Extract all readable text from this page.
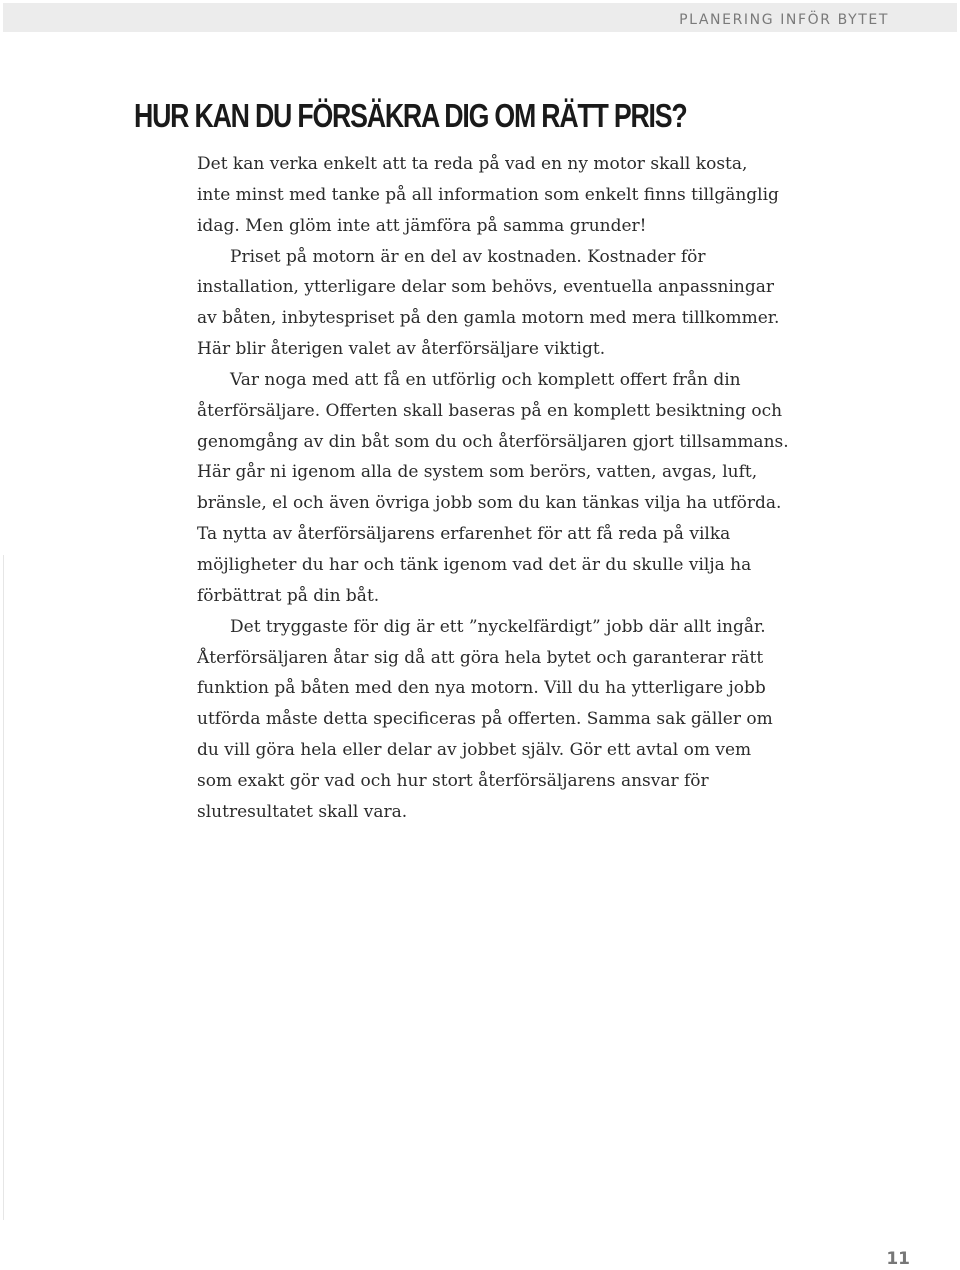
PLANERING INFÖR BYTET
HUR KAN DU FÖRSÄKRA DIG OM RÄTT PRIS?

Det kan verka enkelt att ta reda på vad en ny motor skall kosta,
inte minst med tanke på all information som enkelt finns tillgänglig
idag. Men glöm inte att jämföra på samma grunder!

Priset på motorn är en del av kostnaden. Kostnader för
installation, ytterligare delar som behövs, eventuella anpassningar
av båten, inbytespriset på den gamla motorn med mera tillkommer.
Här blir återigen valet av återförsäljare viktigt.

Var noga med att få en utförlig och komplett offert från din
återförsäljare. Offerten skall baseras på en komplett besiktning och
genomgång av din båt som du och återförsäljaren gjort tillsammans.
Här går ni igenom alla de system som berörs, vatten, avgas, luft,
bränsle, el och även övriga jobb som du kan tänkas vilja ha utförda.
Ta nytta av återförsäljarens erfarenhet för att få reda på vilka
möjligheter du har och tänk igenom vad det är du skulle vilja ha
förbättrat på din båt.

Det tryggaste för dig är ett ”nyckelfärdigt” jobb där allt ingår.
Återförsäljaren åtar sig då att göra hela bytet och garanterar rätt
funktion på båten med den nya motorn. Vill du ha ytterligare jobb
utförda måste detta specificeras på offerten. Samma sak gäller om
du vill göra hela eller delar av jobbet själv. Gör ett avtal om vem
som exakt gör vad och hur stort återförsäljarens ansvar för
slutresultatet skall vara.

11
